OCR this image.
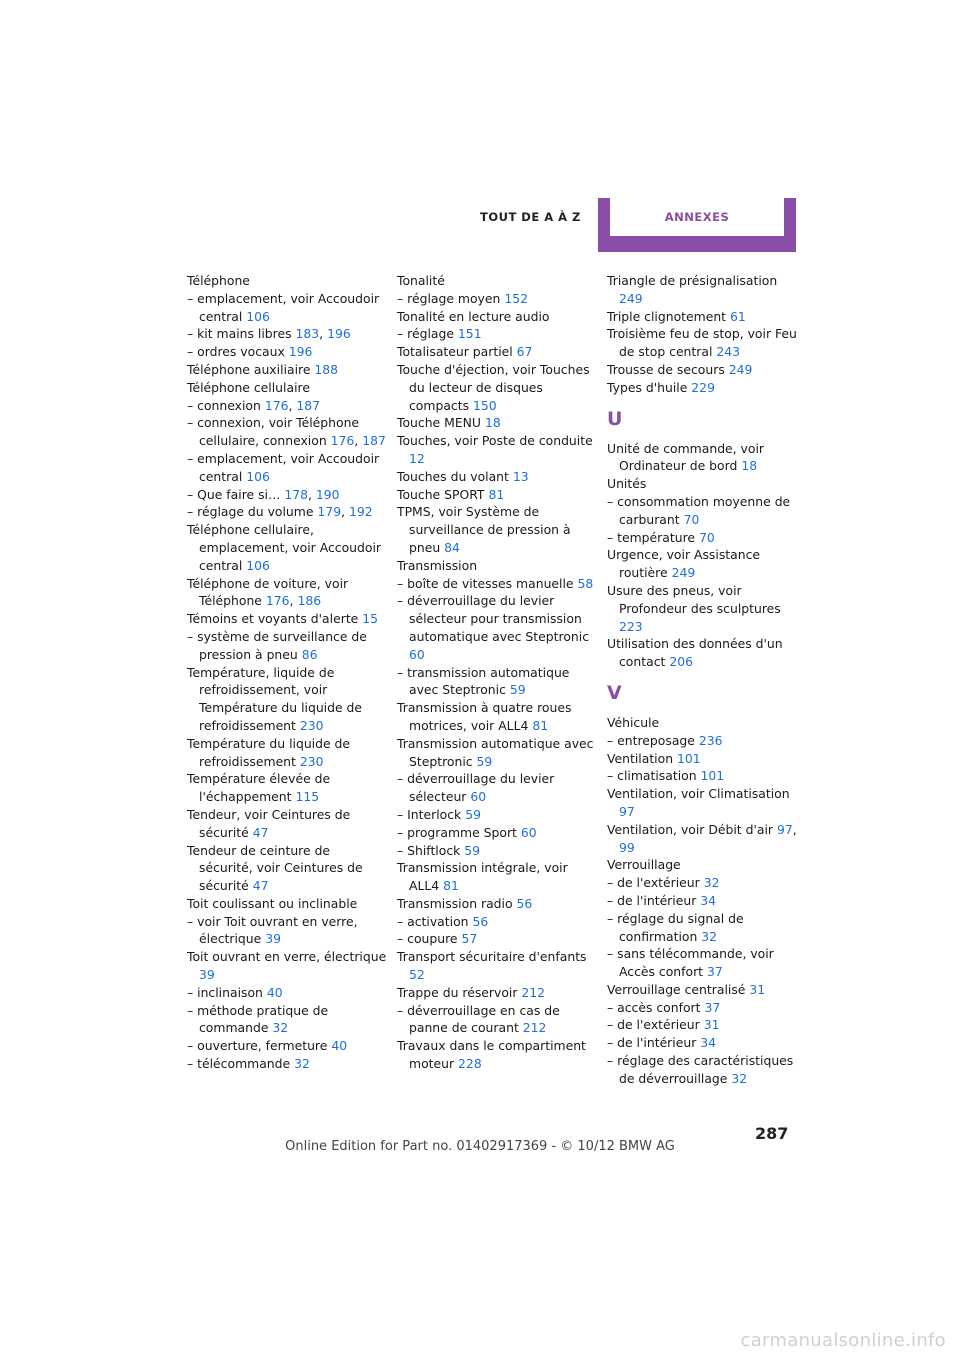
TOUT DE A À Z	ANNEXES
Téléphone
– emplacement, voir Accoudoir central 106
– kit mains libres 183, 196
– ordres vocaux 196
Téléphone auxiliaire 188
Téléphone cellulaire
– connexion 176, 187
– connexion, voir Téléphone cellulaire, connexion 176, 187
– emplacement, voir Accoudoir central 106
– Que faire si… 178, 190
– réglage du volume 179, 192
Téléphone cellulaire, emplacement, voir Accoudoir central 106
Téléphone de voiture, voir Téléphone 176, 186
Témoins et voyants d'alerte 15
– système de surveillance de pression à pneu 86
Température, liquide de refroidissement, voir Température du liquide de refroidissement 230
Température du liquide de refroidissement 230
Température élevée de l'échappement 115
Tendeur, voir Ceintures de sécurité 47
Tendeur de ceinture de sécurité, voir Ceintures de sécurité 47
Toit coulissant ou inclinable
– voir Toit ouvrant en verre, électrique 39
Toit ouvrant en verre, électrique 39
– inclinaison 40
– méthode pratique de commande 32
– ouverture, fermeture 40
– télécommande 32
Tonalité
– réglage moyen 152
Tonalité en lecture audio
– réglage 151
Totalisateur partiel 67
Touche d'éjection, voir Touches du lecteur de disques compacts 150
Touche MENU 18
Touches, voir Poste de conduite 12
Touches du volant 13
Touche SPORT 81
TPMS, voir Système de surveillance de pression à pneu 84
Transmission
– boîte de vitesses manuelle 58
– déverrouillage du levier sélecteur pour transmission automatique avec Steptronic 60
– transmission automatique avec Steptronic 59
Transmission à quatre roues motrices, voir ALL4 81
Transmission automatique avec Steptronic 59
– déverrouillage du levier sélecteur 60
– Interlock 59
– programme Sport 60
– Shiftlock 59
Transmission intégrale, voir ALL4 81
Transmission radio 56
– activation 56
– coupure 57
Transport sécuritaire d'enfants 52
Trappe du réservoir 212
– déverrouillage en cas de panne de courant 212
Travaux dans le compartiment moteur 228
Triangle de présignalisation 249
Triple clignotement 61
Troisième feu de stop, voir Feu de stop central 243
Trousse de secours 249
Types d'huile 229
U
Unité de commande, voir Ordinateur de bord 18
Unités
– consommation moyenne de carburant 70
– température 70
Urgence, voir Assistance routière 249
Usure des pneus, voir Profondeur des sculptures 223
Utilisation des données d'un contact 206
V
Véhicule
– entreposage 236
Ventilation 101
– climatisation 101
Ventilation, voir Climatisation 97
Ventilation, voir Débit d'air 97, 99
Verrouillage
– de l'extérieur 32
– de l'intérieur 34
– réglage du signal de confirmation 32
– sans télécommande, voir Accès confort 37
Verrouillage centralisé 31
– accès confort 37
– de l'extérieur 31
– de l'intérieur 34
– réglage des caractéristiques de déverrouillage 32
287
Online Edition for Part no. 01402917369 - © 10/12 BMW AG
carmanualsonline.info
